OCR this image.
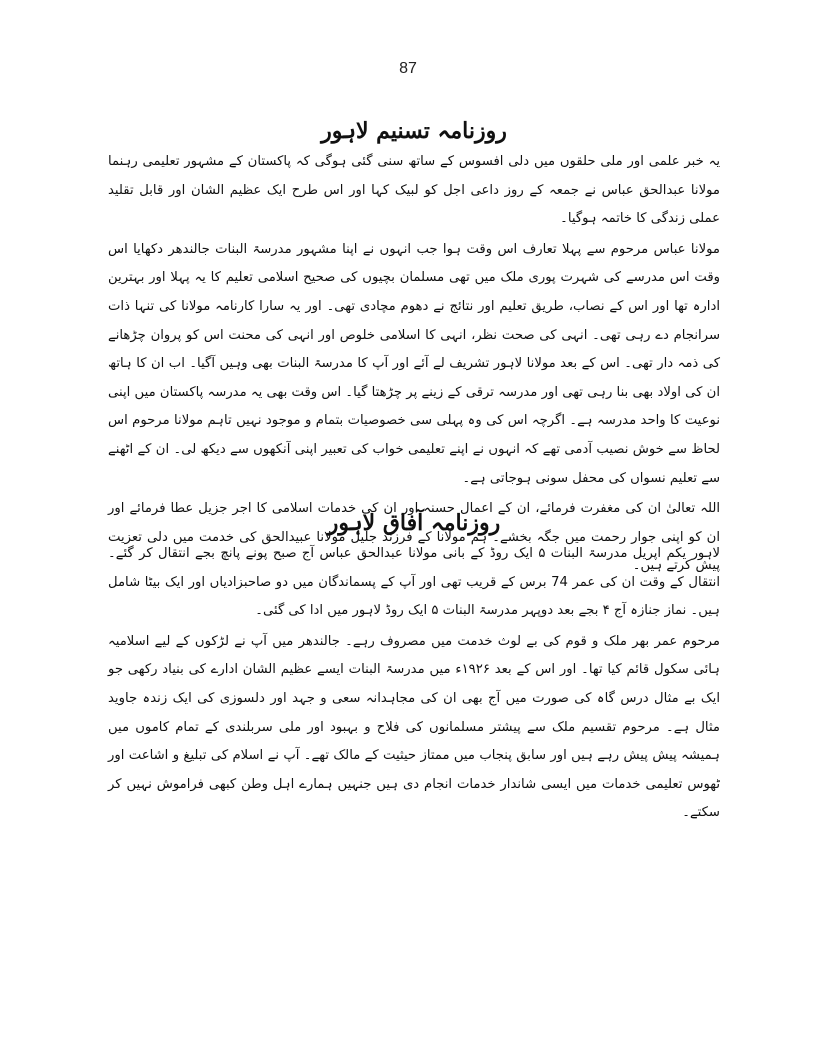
87
روزنامہ تسنیم لاہور

یہ خبر علمی اور ملی حلقوں میں دلی افسوس کے ساتھ سنی گئی ہوگی کہ پاکستان کے مشہور تعلیمی رہنما مولانا عبدالحق عباس نے جمعہ کے روز داعی اجل کو لبیک کہا اور اس طرح ایک عظیم الشان اور قابل تقلید عملی زندگی کا خاتمہ ہوگیا۔

مولانا عباس مرحوم سے پہلا تعارف اس وقت ہوا جب انہوں نے اپنا مشہور مدرسۃ البنات جالندھر دکھایا اس وقت اس مدرسے کی شہرت پوری ملک میں تھی مسلمان بچیوں کی صحیح اسلامی تعلیم کا یہ پہلا اور بہترین ادارہ تھا اور اس کے نصاب، طریق تعلیم اور نتائج نے دھوم مچادی تھی۔ اور یہ سارا کارنامہ مولانا کی تنہا ذات سرانجام دے رہی تھی۔ انہی کی صحت نظر، انہی کا اسلامی خلوص اور انہی کی محنت اس کو پروان چڑھانے کی ذمہ دار تھی۔ اس کے بعد مولانا لاہور تشریف لے آئے اور آپ کا مدرسۃ البنات بھی وہیں آگیا۔ اب ان کا ہاتھ ان کی اولاد بھی بنا رہی تھی اور مدرسہ ترقی کے زینے پر چڑھتا گیا۔ اس وقت بھی یہ مدرسہ پاکستان میں اپنی نوعیت کا واحد مدرسہ ہے۔ اگرچہ اس کی وہ پہلی سی خصوصیات بتمام و موجود نہیں تاہم مولانا مرحوم اس لحاظ سے خوش نصیب آدمی تھے کہ انہوں نے اپنے تعلیمی خواب کی تعبیر اپنی آنکھوں سے دیکھ لی۔ ان کے اٹھنے سے تعلیم نسواں کی محفل سونی ہوجاتی ہے۔

اللہ تعالیٰ ان کی مغفرت فرمائے، ان کے اعمال حسنہ اور ان کی خدمات اسلامی کا اجر جزیل عطا فرمائے اور ان کو اپنی جوار رحمت میں جگہ بخشے۔ ہم مولانا کے فرزند جلیل مولانا عبیدالحق کی خدمت میں دلی تعزیت پیش کرتے ہیں۔

روزنامہ آفاق لاہور

لاہور یکم اپریل مدرسۃ البنات ۵ ایک روڈ کے بانی مولانا عبدالحق عباس آج صبح پونے پانچ بجے انتقال کر گئے۔ انتقال کے وقت ان کی عمر 74 برس کے قریب تھی اور آپ کے پسماندگان میں دو صاحبزادیاں اور ایک بیٹا شامل ہیں۔ نماز جنازہ آج ۴ بجے بعد دوپہر مدرسۃ البنات ۵ ایک روڈ لاہور میں ادا کی گئی۔

مرحوم عمر بھر ملک و قوم کی بے لوث خدمت میں مصروف رہے۔ جالندھر میں آپ نے لڑکوں کے لیے اسلامیہ ہائی سکول قائم کیا تھا۔ اور اس کے بعد ۱۹۲۶ء میں مدرسۃ البنات ایسے عظیم الشان ادارے کی بنیاد رکھی جو ایک بے مثال درس گاہ کی صورت میں آج بھی ان کی مجاہدانہ سعی و جہد اور دلسوزی کی ایک زندہ جاوید مثال ہے۔ مرحوم تقسیم ملک سے پیشتر مسلمانوں کی فلاح و بہبود اور ملی سربلندی کے تمام کاموں میں ہمیشہ پیش پیش رہے ہیں اور سابق پنجاب میں ممتاز حیثیت کے مالک تھے۔ آپ نے اسلام کی تبلیغ و اشاعت اور ٹھوس تعلیمی خدمات میں ایسی شاندار خدمات انجام دی ہیں جنہیں ہمارے اہل وطن کبھی فراموش نہیں کر سکتے۔
